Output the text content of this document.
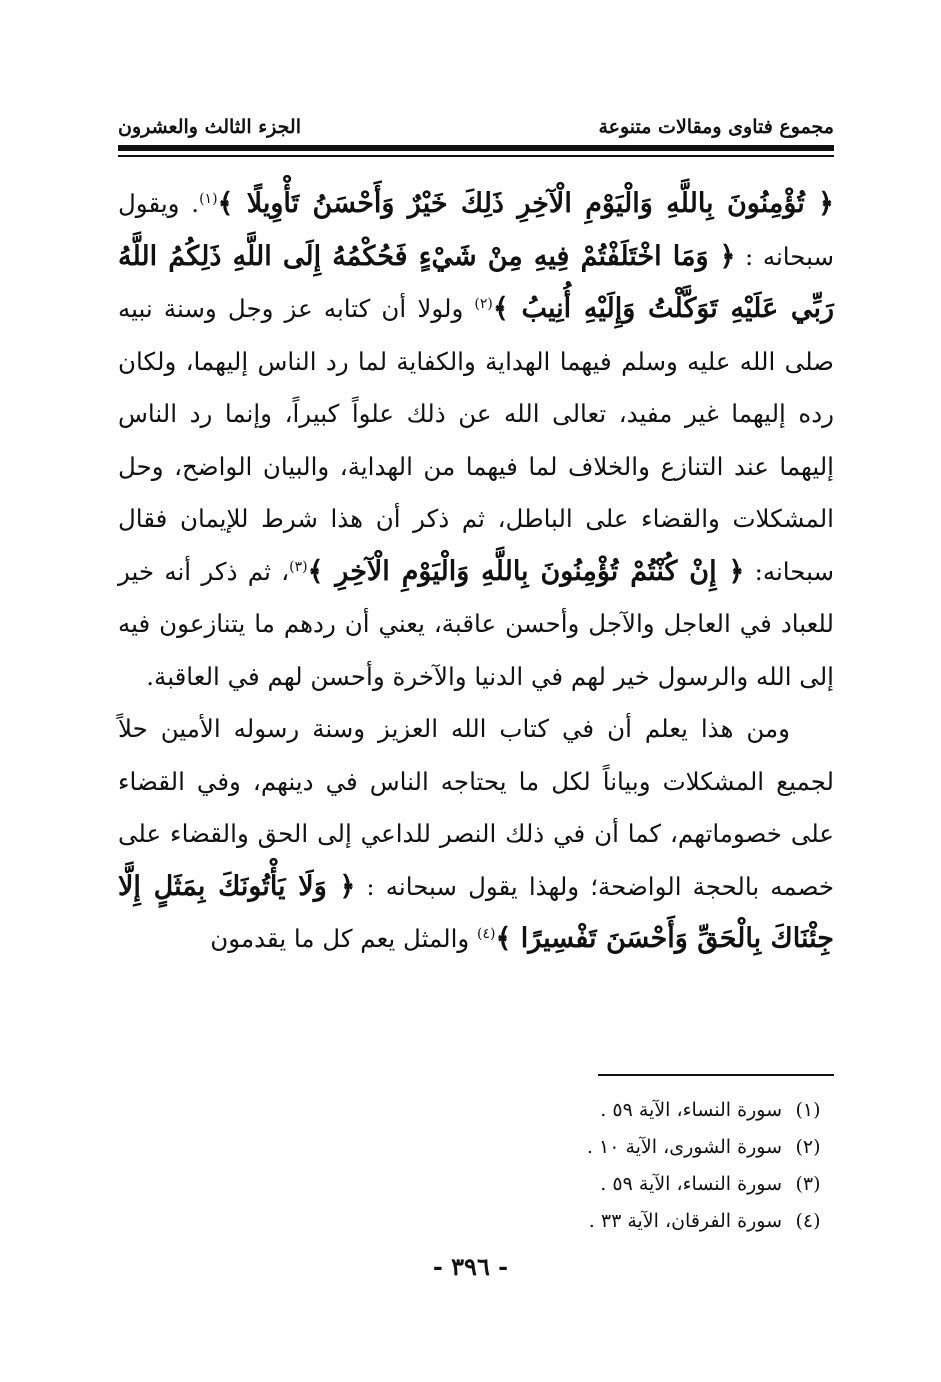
مجموع فتاوى ومقالات متنوعة
الجزء الثالث والعشرون

﴿ تُؤْمِنُونَ بِاللَّهِ وَالْيَوْمِ الْآخِرِ ذَلِكَ خَيْرٌ وَأَحْسَنُ تَأْوِيلًا ﴾$^{(١)}$. ويقول سبحانه : ﴿ وَمَا اخْتَلَفْتُمْ فِيهِ مِنْ شَيْءٍ فَحُكْمُهُ إِلَى اللَّهِ ذَلِكُمُ اللَّهُ رَبِّي عَلَيْهِ تَوَكَّلْتُ وَإِلَيْهِ أُنِيبُ ﴾$^{(٢)}$ ولولا أن كتابه عز وجل وسنة نبيه صلى الله عليه وسلم فيهما الهداية والكفاية لما رد الناس إليهما، ولكان رده إليهما غير مفيد، تعالى الله عن ذلك علواً كبيراً، وإنما رد الناس إليهما عند التنازع والخلاف لما فيهما من الهداية، والبيان الواضح، وحل المشكلات والقضاء على الباطل، ثم ذكر أن هذا شرط للإيمان فقال سبحانه: ﴿ إِنْ كُنْتُمْ تُؤْمِنُونَ بِاللَّهِ وَالْيَوْمِ الْآخِرِ ﴾$^{(٣)}$، ثم ذكر أنه خير للعباد في العاجل والآجل وأحسن عاقبة، يعني أن ردهم ما يتنازعون فيه إلى الله والرسول خير لهم في الدنيا والآخرة وأحسن لهم في العاقبة.

ومن هذا يعلم أن في كتاب الله العزيز وسنة رسوله الأمين حلاً لجميع المشكلات وبياناً لكل ما يحتاجه الناس في دينهم، وفي القضاء على خصوماتهم، كما أن في ذلك النصر للداعي إلى الحق والقضاء على خصمه بالحجة الواضحة؛ ولهذا يقول سبحانه : ﴿ وَلَا يَأْتُونَكَ بِمَثَلٍ إِلَّا جِئْنَاكَ بِالْحَقِّ وَأَحْسَنَ تَفْسِيرًا ﴾$^{(٤)}$ والمثل يعم كل ما يقدمون

(١)
سورة النساء، الآية ٥٩ .
(٢)
سورة الشورى، الآية ١٠ .
(٣)
سورة النساء، الآية ٥٩ .
(٤)
سورة الفرقان، الآية ٣٣ .
- ٣٩٦ -
